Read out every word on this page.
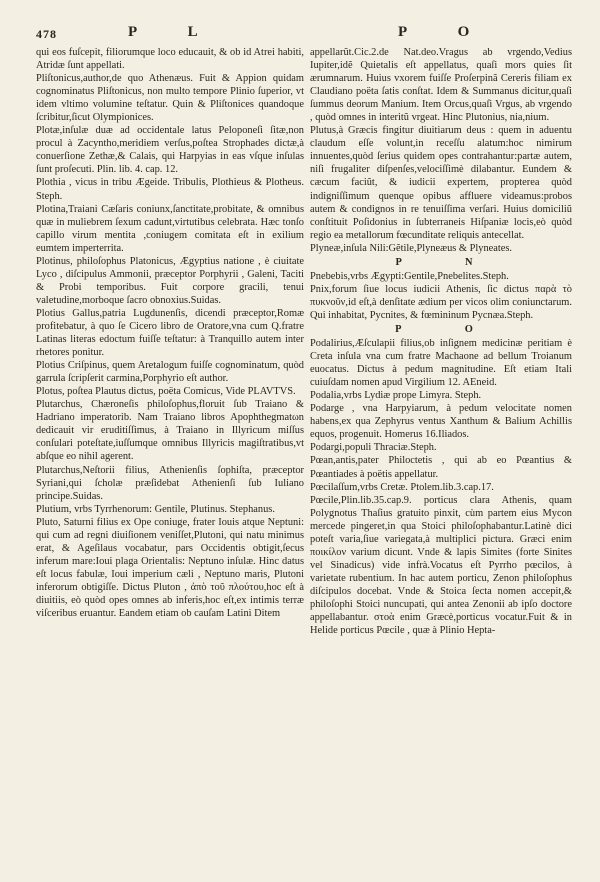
478	P   L	P   O

qui eos fuſcepit, filiorumque loco educauit, & ob id Atrei habiti, Atridæ ſunt appellati.

Pliſtonicus,author,de quo Athenæus. Fuit & Appion quidam cognominatus Pliſtonicus, non multo tempore Plinio ſuperior, vt idem vltimo volumine teſtatur. Quin & Pliſtonices quandoque ſcribitur,ſicut Olympionices.

Plotæ,inſulæ duæ ad occidentale latus Peloponeſi ſitæ,non procul à Zacyntho,meridiem verſus,poſtea Strophades dictæ,à conuerſione Zethæ,& Calais, qui Harpyias in eas vſque inſulas ſunt proſecuti. Plin. lib. 4. cap. 12.

Plothia , vicus in tribu Ægeide. Tribulis, Plothieus & Plotheus. Steph.

Plotina,Traiani Cæſaris coniunx,ſanctitate,probitate, & omnibus quæ in muliebrem ſexum cadunt,virtutibus celebrata. Hæc tonſo capillo virum mentita ,coniugem comitata eſt in exilium eumtem imperterrita.

Plotinus, philoſophus Platonicus, Ægyptius natione , è ciuitate Lyco , diſcipulus Ammonii, præceptor Porphyrii , Galeni, Taciti & Probi temporibus. Fuit corpore gracili, tenui valetudine,morboque ſacro obnoxius.Suidas.

Plotius Gallus,patria Lugdunenſis, dicendi præceptor,Romæ profitebatur, à quo ſe Cicero libro de Oratore,vna cum Q.fratre Latinas literas edoctum fuiſſe teſtatur: à Tranquillo autem inter rhetores ponitur.

Plotius Criſpinus, quem Aretalogum fuiſſe cognominatum, quòd garrula ſcripſerit carmina,Porphyrio eſt author.

Plotus, poſtea Plautus dictus, poëta Comicus, Vide PLAVTVS.

Plutarchus, Chæroneſis philoſophus,floruit ſub Traiano & Hadriano imperatorib. Nam Traiano libros Apophthegmatωn dedicauit vir eruditiſſimus, à Traiano in Illyricum miſſus conſulari poteſtate,iuſſumque omnibus Illyricis magiſtratibus,vt abſque eo nihil agerent.

Plutarchus,Neſtorii filius, Athenienſis ſophiſta, præceptor Syriani,qui ſcholæ præſidebat Athenienſi ſub Iuliano principe.Suidas.

Plutium, vrbs Tyrrhenorum: Gentile, Plutinus. Stephanus.

Pluto, Saturni filius ex Ope coniuge, frater Iouis atque Neptuni: qui cum ad regni diuiſionem veniſſet,Plutoni, qui natu minimus erat, & Ageſilaus vocabatur, pars Occidentis obtigit,ſecus inferum mare:Ioui plaga Orientalis: Neptuno inſulæ. Hinc datus eſt locus fabulæ, Ioui imperium cæli , Neptuno maris, Plutoni inferorum obtigiſſe. Dictus Pluton , ἀπὸ τοῦ πλούτου,hoc eſt à diuitiis, eò quòd opes omnes ab inferis,hoc eſt,ex intimis terræ viſceribus eruantur. Eandem etiam ob cauſam Latini Ditem

appellarũt.Cic.2.de Nat.deo.Vragus ab vrgendo,Vedius Iupiter,idẽ Quietalis eſt appellatus, quaſi mors quies ſit ærumnarum. Huius vxorem fuiſſe Proſerpinã Cereris filiam ex Claudiano poëta ſatis conſtat. Idem & Summanus dicitur,quaſi ſummus deorum Manium. Item Orcus,quaſi Vrgus, ab vrgendo , quòd omnes in interitũ vrgeat. Hinc Plutonius, nia,nium.

Plutus,à Græcis fingitur diuitiarum deus : quem in aduentu claudum eſſe volunt,in receſſu alatum:hoc nimirum innuentes,quòd ſerius quidem opes contrahantur:partæ autem, niſi frugaliter diſpenſes,velociſſimè dilabantur. Eundem & cæcum faciũt, & iudicii expertem, propterea quòd indigniſſimum quenque opibus affluere videamus:probos autem & condignos in re tenuiſſima verſari. Huius domiciliũ conſtituit Poſidonius in ſubterraneis Hiſpaniæ locis,eò quòd regio ea metallorum fœcunditate reliquis antecellat.

Plyneæ,inſula Nili:Gẽtile,Plyneæus & Plyneates.

P   N

Pnebebis,vrbs Ægypti:Gentile,Pnebelites.Steph.

Pnix,forum ſiue locus iudicii Athenis, ſic dictus παρὰ τὸ πυκνοῦν,id eſt,à denſitate ædium per vicos olim coniunctarum. Qui inhabitat, Pycnites, & fœmininum Pycnæa.Steph.

P   O

Podalirius,Æſculapii filius,ob inſignem medicinæ peritiam è Creta inſula vna cum fratre Machaone ad bellum Troianum euocatus. Dictus à pedum magnitudine. Eſt etiam Itali cuiuſdam nomen apud Virgilium 12. AEneid.

Podalia,vrbs Lydiæ prope Limyra. Steph.

Podarge , vna Harpyiarum, à pedum velocitate nomen habens,ex qua Zephyrus ventus Xanthum & Balium Achillis equos, progenuit. Homerus 16.Iliados.

Podargi,populi Thraciæ.Steph.

Pœan,antis,pater Philoctetis , qui ab eo Pœantius & Pœantiades à poëtis appellatur.

Pœcilaſſum,vrbs Cretæ. Ptolem.lib.3.cap.17.

Pœcile,Plin.lib.35.cap.9. porticus clara Athenis, quam Polygnotus Thaſius gratuito pinxit, cùm partem eius Mycon mercede pingeret,in qua Stoici philoſophabantur.Latinè dici poteſt varia,ſiue variegata,à multiplici pictura. Græci enim ποικίλον varium dicunt. Vnde & lapis Simites (forte Sinites vel Sinadicus) vide infrà.Vocatus eſt Pyrrho pœcilos, à varietate rubentium. In hac autem porticu, Zenon philoſophus diſcipulos docebat. Vnde & Stoica ſecta nomen accepit,& philoſophi Stoici nuncupati, qui antea Zenonii ab ipſo doctore appellabantur. στοὰ enim Græcè,porticus vocatur.Fuit & in Helide porticus Pœcile , quæ à Plinio Hepta-
